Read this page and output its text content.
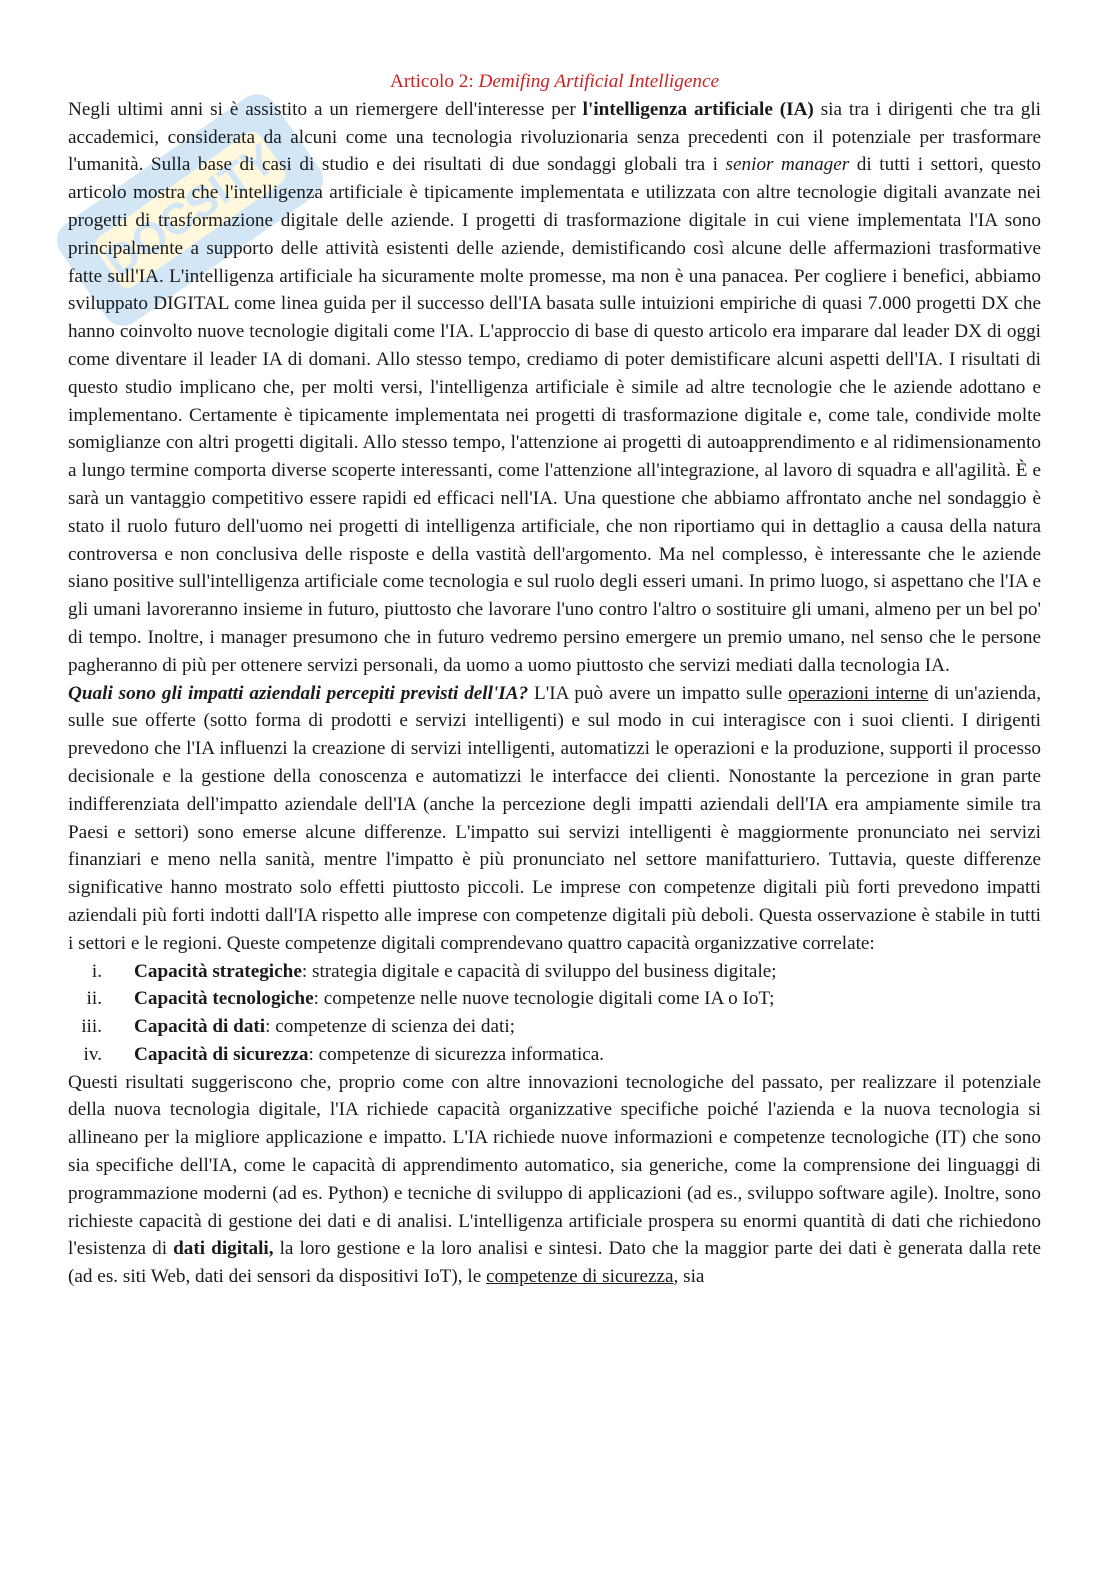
DOCSITY
Articolo 2: Demifing Artificial Intelligence

Negli ultimi anni si è assistito a un riemergere dell'interesse per l'intelligenza artificiale (IA) sia tra i dirigenti che tra gli accademici, considerata da alcuni come una tecnologia rivoluzionaria senza precedenti con il potenziale per trasformare l'umanità. Sulla base di casi di studio e dei risultati di due sondaggi globali tra i senior manager di tutti i settori, questo articolo mostra che l'intelligenza artificiale è tipicamente implementata e utilizzata con altre tecnologie digitali avanzate nei progetti di trasformazione digitale delle aziende. I progetti di trasformazione digitale in cui viene implementata l'IA sono principalmente a supporto delle attività esistenti delle aziende, demistificando così alcune delle affermazioni trasformative fatte sull'IA. L'intelligenza artificiale ha sicuramente molte promesse, ma non è una panacea. Per cogliere i benefici, abbiamo sviluppato DIGITAL come linea guida per il successo dell'IA basata sulle intuizioni empiriche di quasi 7.000 progetti DX che hanno coinvolto nuove tecnologie digitali come l'IA. L'approccio di base di questo articolo era imparare dal leader DX di oggi come diventare il leader IA di domani. Allo stesso tempo, crediamo di poter demistificare alcuni aspetti dell'IA. I risultati di questo studio implicano che, per molti versi, l'intelligenza artificiale è simile ad altre tecnologie che le aziende adottano e implementano. Certamente è tipicamente implementata nei progetti di trasformazione digitale e, come tale, condivide molte somiglianze con altri progetti digitali. Allo stesso tempo, l'attenzione ai progetti di autoapprendimento e al ridimensionamento a lungo termine comporta diverse scoperte interessanti, come l'attenzione all'integrazione, al lavoro di squadra e all'agilità. È e sarà un vantaggio competitivo essere rapidi ed efficaci nell'IA. Una questione che abbiamo affrontato anche nel sondaggio è stato il ruolo futuro dell'uomo nei progetti di intelligenza artificiale, che non riportiamo qui in dettaglio a causa della natura controversa e non conclusiva delle risposte e della vastità dell'argomento. Ma nel complesso, è interessante che le aziende siano positive sull'intelligenza artificiale come tecnologia e sul ruolo degli esseri umani. In primo luogo, si aspettano che l'IA e gli umani lavoreranno insieme in futuro, piuttosto che lavorare l'uno contro l'altro o sostituire gli umani, almeno per un bel po' di tempo. Inoltre, i manager presumono che in futuro vedremo persino emergere un premio umano, nel senso che le persone pagheranno di più per ottenere servizi personali, da uomo a uomo piuttosto che servizi mediati dalla tecnologia IA.

Quali sono gli impatti aziendali percepiti previsti dell'IA? L'IA può avere un impatto sulle operazioni interne di un'azienda, sulle sue offerte (sotto forma di prodotti e servizi intelligenti) e sul modo in cui interagisce con i suoi clienti. I dirigenti prevedono che l'IA influenzi la creazione di servizi intelligenti, automatizzi le operazioni e la produzione, supporti il processo decisionale e la gestione della conoscenza e automatizzi le interfacce dei clienti. Nonostante la percezione in gran parte indifferenziata dell'impatto aziendale dell'IA (anche la percezione degli impatti aziendali dell'IA era ampiamente simile tra Paesi e settori) sono emerse alcune differenze. L'impatto sui servizi intelligenti è maggiormente pronunciato nei servizi finanziari e meno nella sanità, mentre l'impatto è più pronunciato nel settore manifatturiero. Tuttavia, queste differenze significative hanno mostrato solo effetti piuttosto piccoli. Le imprese con competenze digitali più forti prevedono impatti aziendali più forti indotti dall'IA rispetto alle imprese con competenze digitali più deboli. Questa osservazione è stabile in tutti i settori e le regioni. Queste competenze digitali comprendevano quattro capacità organizzative correlate:

i.	Capacità strategiche: strategia digitale e capacità di sviluppo del business digitale;
ii.	Capacità tecnologiche: competenze nelle nuove tecnologie digitali come IA o IoT;
iii.	Capacità di dati: competenze di scienza dei dati;
iv.	Capacità di sicurezza: competenze di sicurezza informatica.

Questi risultati suggeriscono che, proprio come con altre innovazioni tecnologiche del passato, per realizzare il potenziale della nuova tecnologia digitale, l'IA richiede capacità organizzative specifiche poiché l'azienda e la nuova tecnologia si allineano per la migliore applicazione e impatto. L'IA richiede nuove informazioni e competenze tecnologiche (IT) che sono sia specifiche dell'IA, come le capacità di apprendimento automatico, sia generiche, come la comprensione dei linguaggi di programmazione moderni (ad es. Python) e tecniche di sviluppo di applicazioni (ad es., sviluppo software agile). Inoltre, sono richieste capacità di gestione dei dati e di analisi. L'intelligenza artificiale prospera su enormi quantità di dati che richiedono l'esistenza di dati digitali, la loro gestione e la loro analisi e sintesi. Dato che la maggior parte dei dati è generata dalla rete (ad es. siti Web, dati dei sensori da dispositivi IoT), le competenze di sicurezza, sia
